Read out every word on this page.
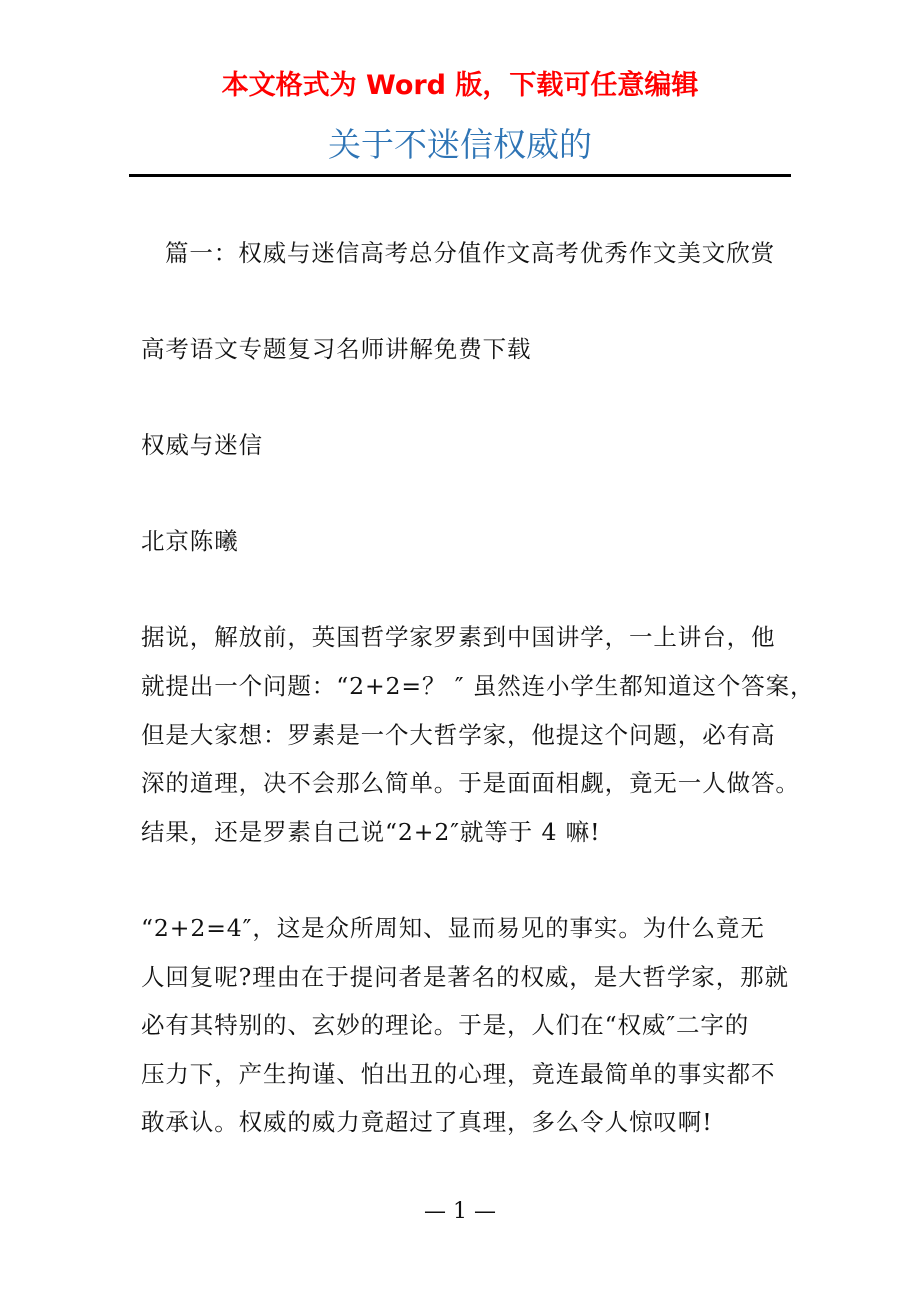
本文格式为 Word 版，下载可任意编辑
关于不迷信权威的
篇一：权威与迷信高考总分值作文高考优秀作文美文欣赏
高考语文专题复习名师讲解免费下载
权威与迷信
北京陈曦
据说，解放前，英国哲学家罗素到中国讲学，一上讲台，他
就提出一个问题：“2+2=？ ″ 虽然连小学生都知道这个答案，
但是大家想：罗素是一个大哲学家，他提这个问题，必有高
深的道理，决不会那么简单。于是面面相觑，竟无一人做答。
结果，还是罗素自己说“2+2″就等于 4 嘛!
“2+2=4″，这是众所周知、显而易见的事实。为什么竟无
人回复呢?理由在于提问者是著名的权威，是大哲学家，那就
必有其特别的、玄妙的理论。于是，人们在“权威″二字的
压力下，产生拘谨、怕出丑的心理，竟连最简单的事实都不
敢承认。权威的威力竟超过了真理，多么令人惊叹啊!
— 1 —
